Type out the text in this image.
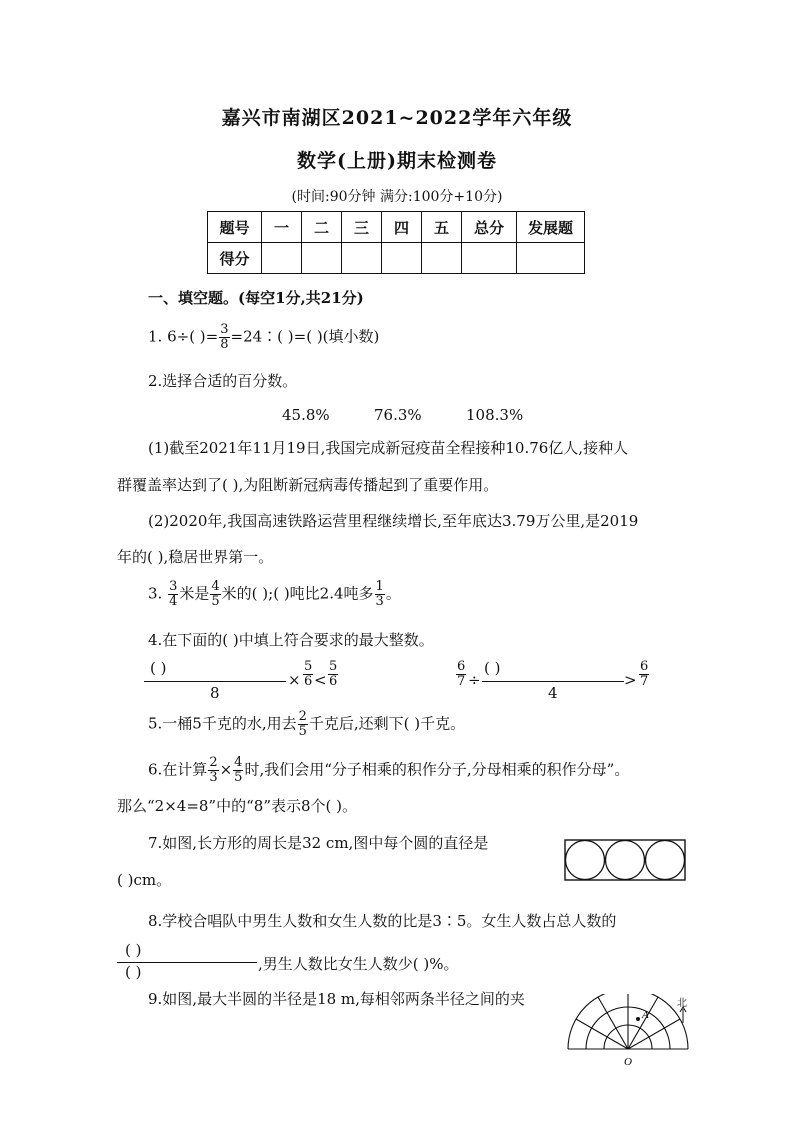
嘉兴市南湖区2021~2022学年六年级
数学(上册)期末检测卷
(时间:90分钟 满分:100分+10分)
题号	一	二	三	四	五	总分	发展题
得分							
一、填空题。(每空1分,共21分)
1. 6÷( )= $\frac{3}{8}$ =24∶( )=( )(填小数)
2.选择合适的百分数。
45.8%	76.3%	108.3%
(1)截至2021年11月19日,我国完成新冠疫苗全程接种10.76亿人,接种人
群覆盖率达到了( ),为阻断新冠病毒传播起到了重要作用。
(2)2020年,我国高速铁路运营里程继续增长,至年底达3.79万公里,是2019
年的( ),稳居世界第一。
3. $\frac{3}{4}$ 米是 $\frac{4}{5}$ 米的( );( )吨比2.4吨多 $\frac{1}{3}$ 。
4.在下面的( )中填上符合要求的最大整数。
( )
8
× $\frac{5}{6} < \frac{5}{6}$	$\frac{6}{7}$ ÷
( )
4
> $\frac{6}{7}$
5.一桶5千克的水,用去 $\frac{2}{5}$ 千克后,还剩下( )千克。
6.在计算 $\frac{2}{3} \times \frac{4}{5}$ 时,我们会用“分子相乘的积作分子,分母相乘的积作分母”。
那么“2×4=8”中的“8”表示8个( )。
7.如图,长方形的周长是32 cm,图中每个圆的直径是
( )cm。
8.学校合唱队中男生人数和女生人数的比是3∶5。女生人数占总人数的
( )
( )	,男生人数比女生人数少( )%。
9.如图,最大半圆的半径是18 m,每相邻两条半径之间的夹
A
O
北
